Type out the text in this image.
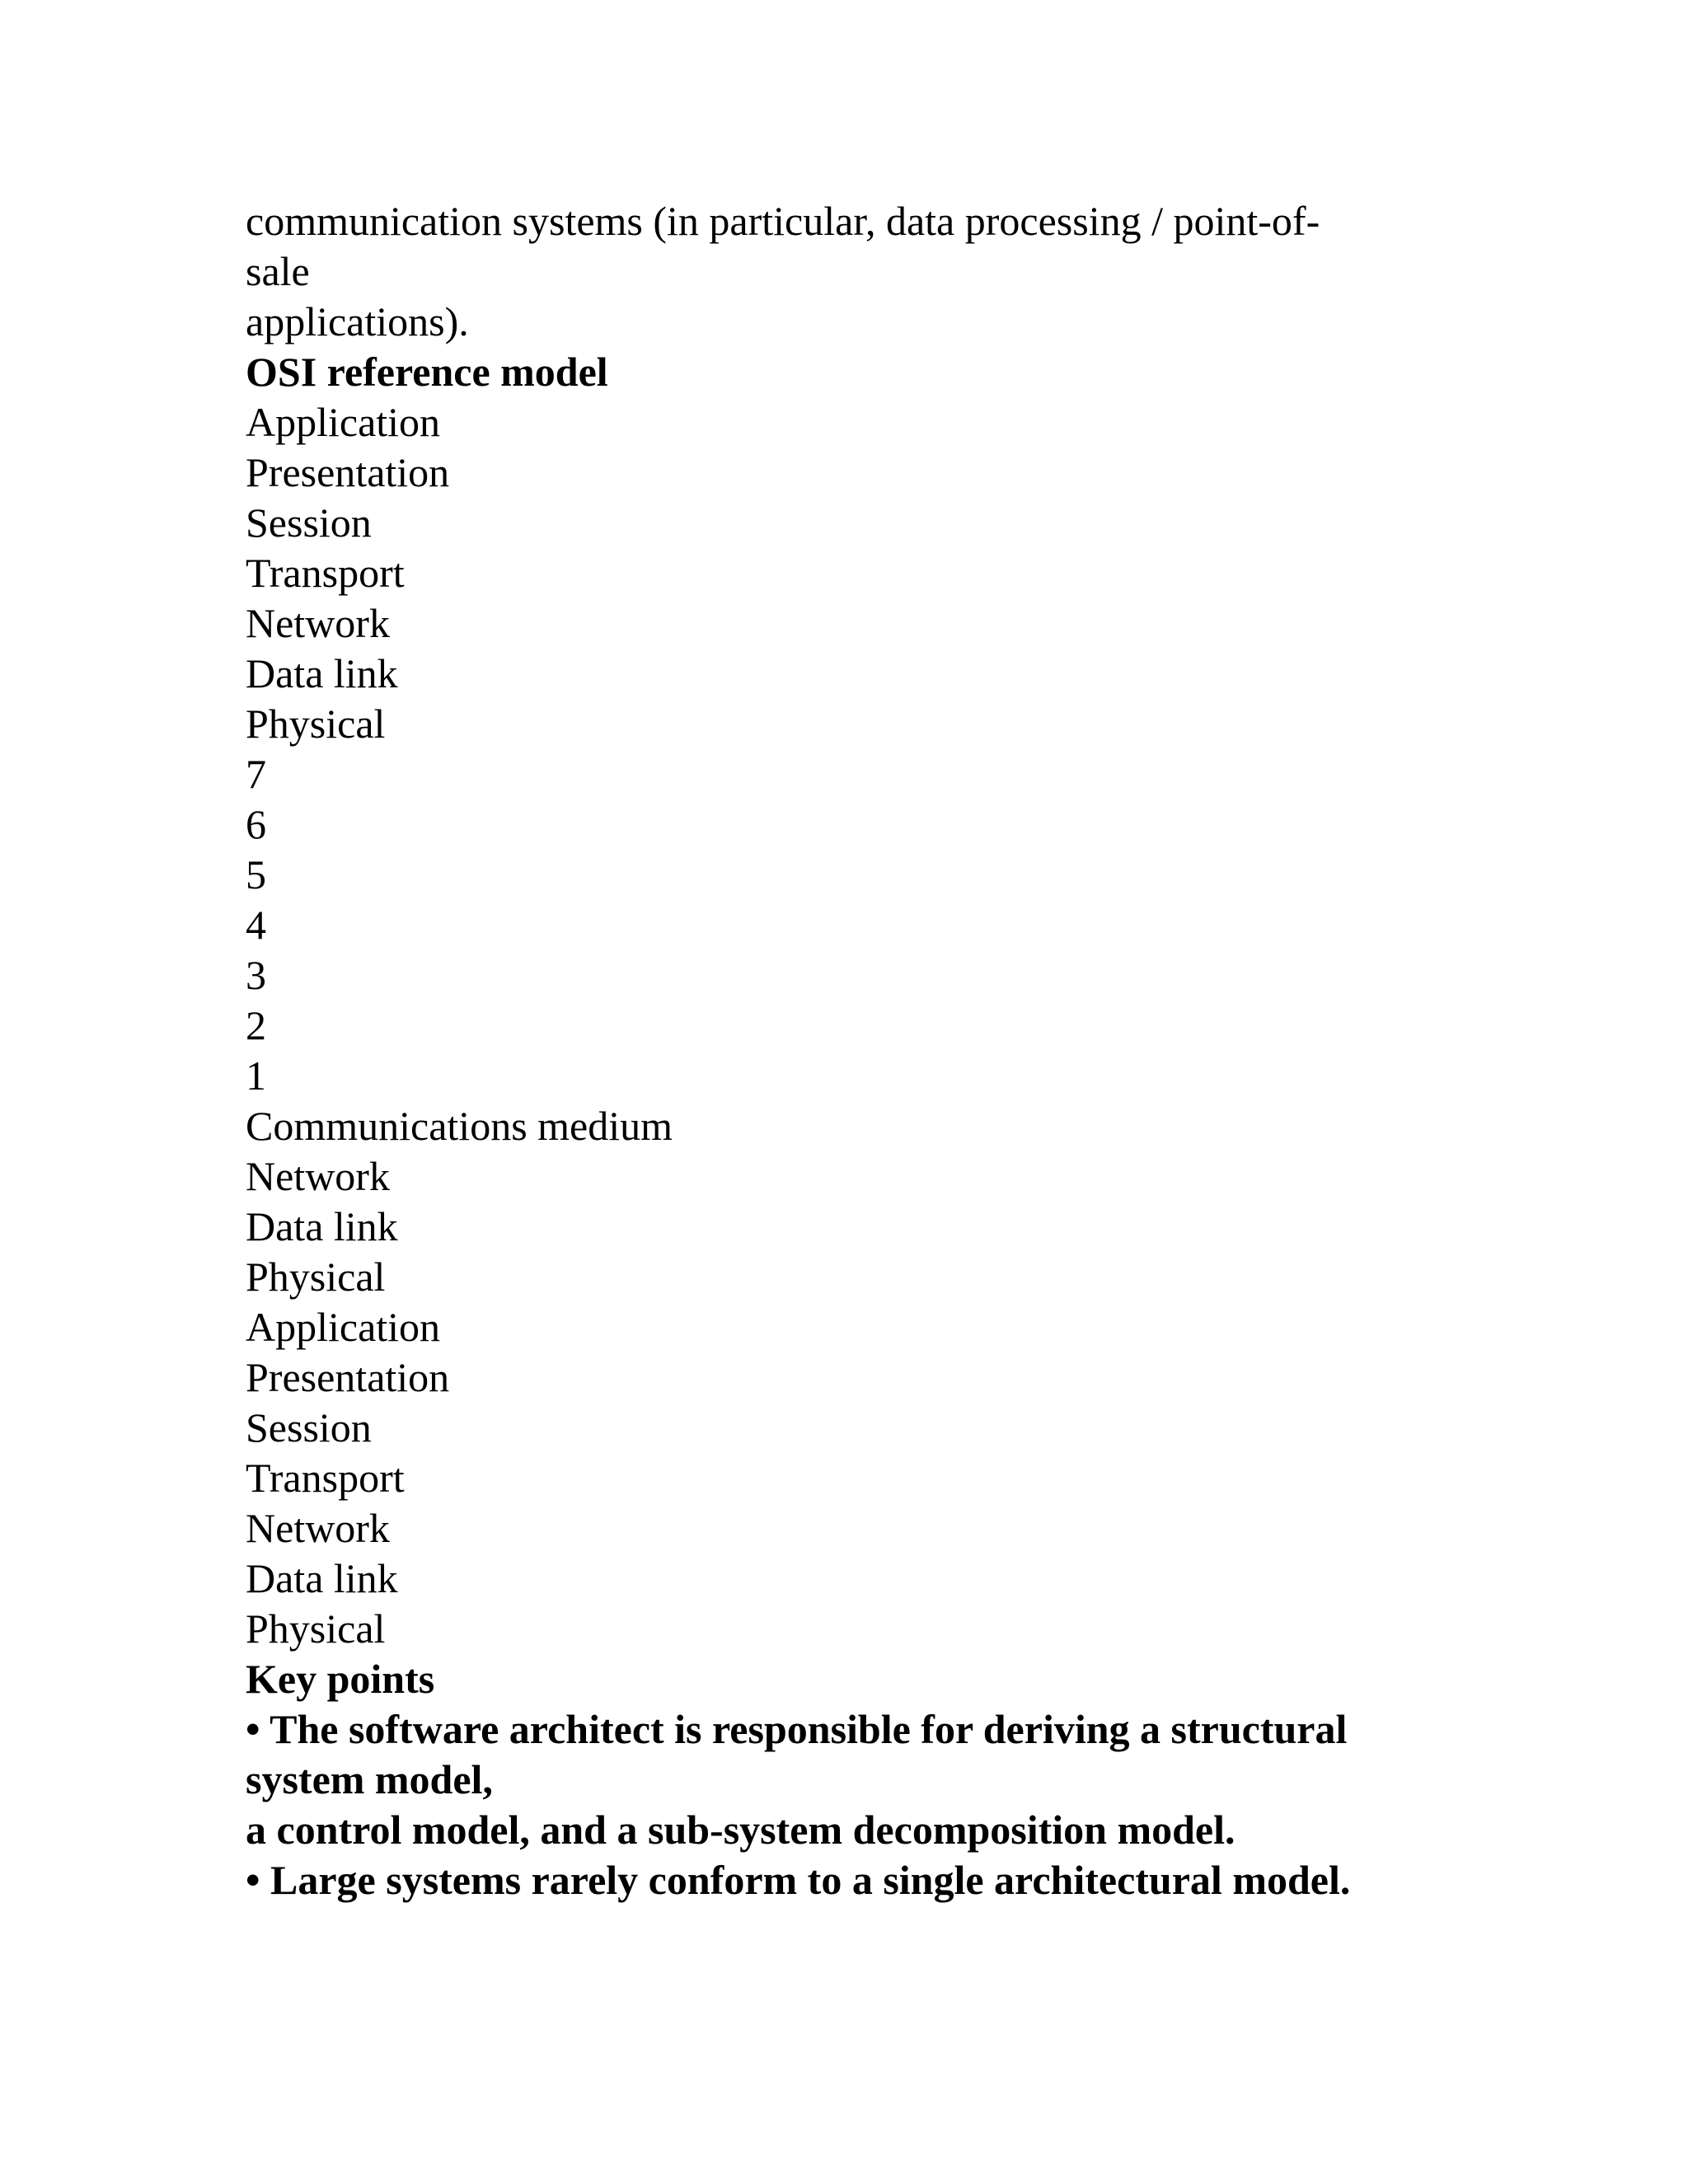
communication systems (in particular, data processing / point-of-
sale
applications).
OSI reference model
Application
Presentation
Session
Transport
Network
Data link
Physical
7
6
5
4
3
2
1
Communications medium
Network
Data link
Physical
Application
Presentation
Session
Transport
Network
Data link
Physical
Key points
• The software architect is responsible for deriving a structural
system model,
a control model, and a sub-system decomposition model.
• Large systems rarely conform to a single architectural model.
